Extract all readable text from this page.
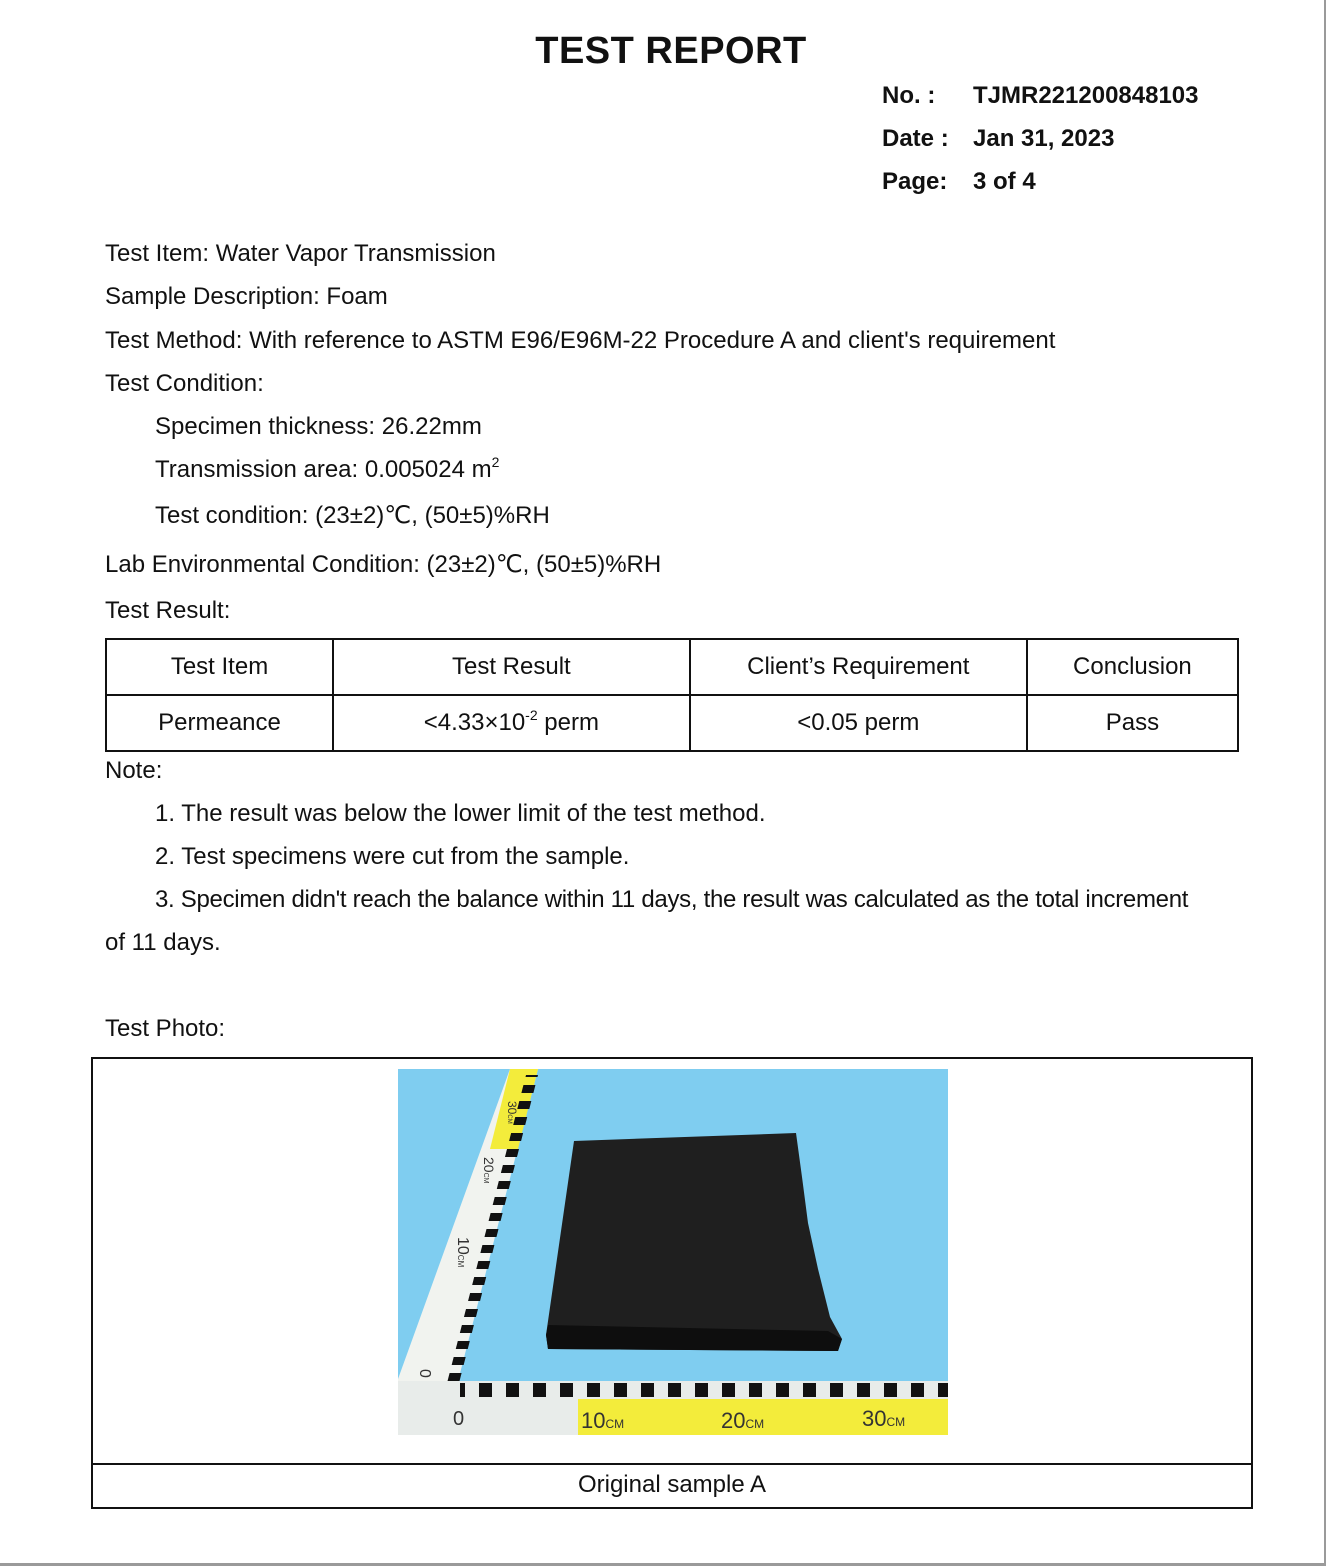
TEST REPORT
No. : TJMR221200848103
Date : Jan 31, 2023
Page: 3 of 4
Test Item: Water Vapor Transmission
Sample Description: Foam
Test Method: With reference to ASTM E96/E96M-22 Procedure A and client's requirement
Test Condition:
Specimen thickness: 26.22mm
Transmission area: 0.005024 $m^2$
Test condition: (23±2)℃, (50±5)%RH
Lab Environmental Condition: (23±2)℃, (50±5)%RH
Test Result:
Test Item	Test Result	Client’s Requirement	Conclusion
Permeance	$<4.33\times 10^{-2}$ perm	<0.05 perm	Pass
Note:
1. The result was below the lower limit of the test method.
2. Test specimens were cut from the sample.
3. Specimen didn't reach the balance within 11 days, the result was calculated as the total increment
of 11 days.
Test Photo:
0	10CM	20CM	30CM
0
10CM
20CM
30CM
Original sample A
